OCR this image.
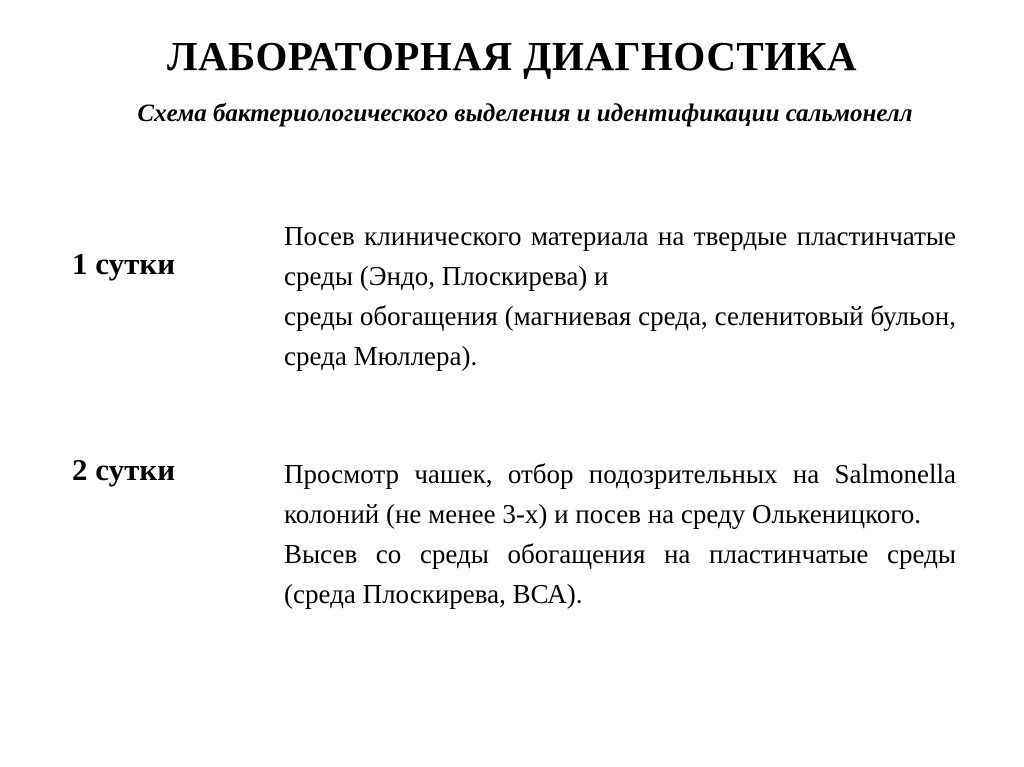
ЛАБОРАТОРНАЯ ДИАГНОСТИКА
Схема бактериологического выделения и идентификации сальмонелл
1 сутки

Посев клинического материала на твердые пластинчатые среды (Эндо, Плоскирева) и

среды обогащения (магниевая среда, селенитовый бульон, среда Мюллера).

2 сутки	Просмотр чашек, отбор подозрительных на Salmonella колоний (не менее 3-х) и посев на среду Олькеницкого.

Высев со среды обогащения на пластинчатые среды (среда Плоскирева, ВСА).
